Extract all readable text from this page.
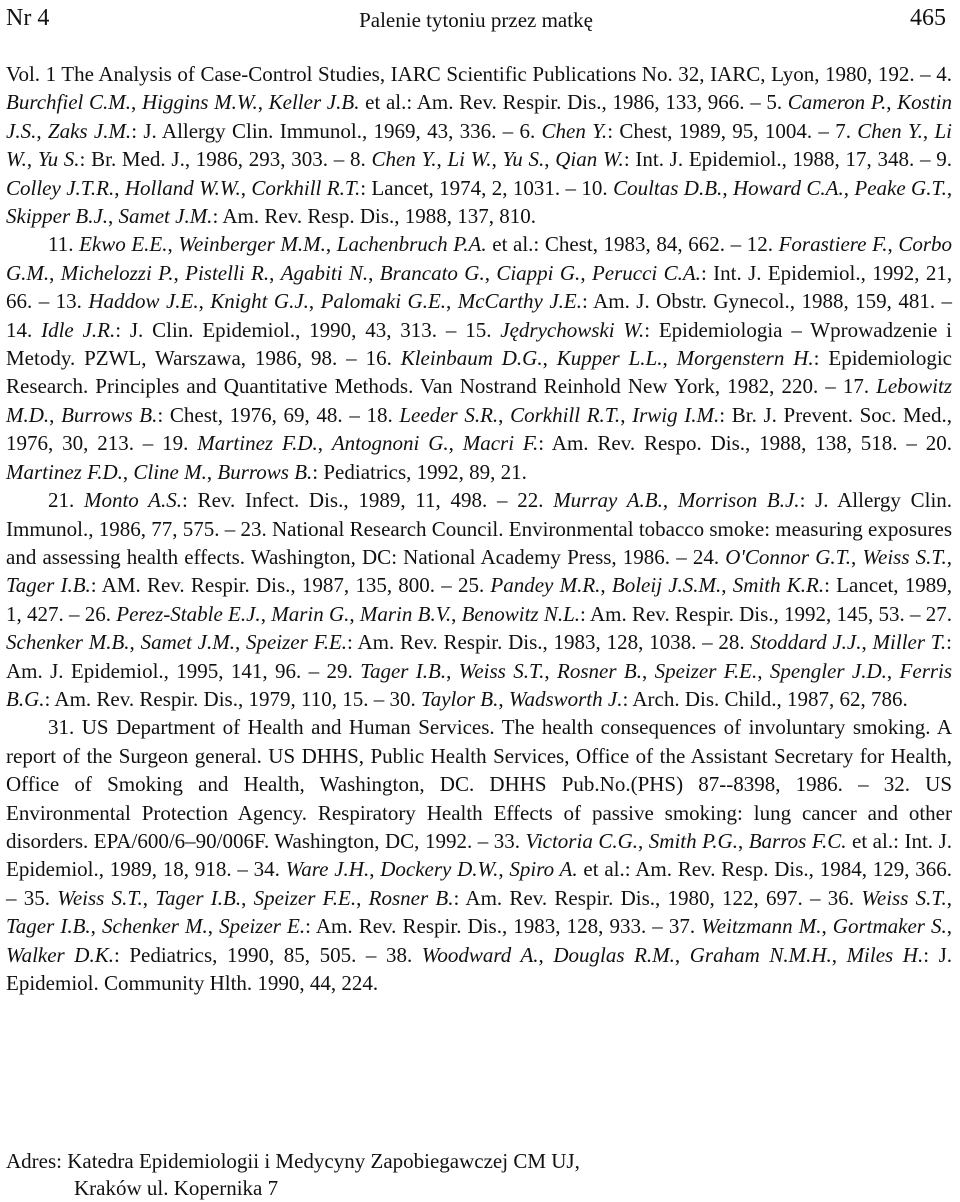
Nr 4	Palenie tytoniu przez matkę	465

Vol. 1 The Analysis of Case-Control Studies, IARC Scientific Publications No. 32, IARC, Lyon, 1980, 192. – 4. Burchfiel C.M., Higgins M.W., Keller J.B. et al.: Am. Rev. Respir. Dis., 1986, 133, 966. – 5. Cameron P., Kostin J.S., Zaks J.M.: J. Allergy Clin. Immunol., 1969, 43, 336. – 6. Chen Y.: Chest, 1989, 95, 1004. – 7. Chen Y., Li W., Yu S.: Br. Med. J., 1986, 293, 303. – 8. Chen Y., Li W., Yu S., Qian W.: Int. J. Epidemiol., 1988, 17, 348. – 9. Colley J.T.R., Holland W.W., Corkhill R.T.: Lancet, 1974, 2, 1031. – 10. Coultas D.B., Howard C.A., Peake G.T., Skipper B.J., Samet J.M.: Am. Rev. Resp. Dis., 1988, 137, 810.

11. Ekwo E.E., Weinberger M.M., Lachenbruch P.A. et al.: Chest, 1983, 84, 662. – 12. Forastiere F., Corbo G.M., Michelozzi P., Pistelli R., Agabiti N., Brancato G., Ciappi G., Perucci C.A.: Int. J. Epidemiol., 1992, 21, 66. – 13. Haddow J.E., Knight G.J., Palomaki G.E., McCarthy J.E.: Am. J. Obstr. Gynecol., 1988, 159, 481. – 14. Idle J.R.: J. Clin. Epidemiol., 1990, 43, 313. – 15. Jędrychowski W.: Epidemiologia – Wprowadzenie i Metody. PZWL, Warszawa, 1986, 98. – 16. Kleinbaum D.G., Kupper L.L., Morgenstern H.: Epidemiologic Research. Principles and Quantitative Methods. Van Nostrand Reinhold New York, 1982, 220. – 17. Lebowitz M.D., Burrows B.: Chest, 1976, 69, 48. – 18. Leeder S.R., Corkhill R.T., Irwig I.M.: Br. J. Prevent. Soc. Med., 1976, 30, 213. – 19. Martinez F.D., Antognoni G., Macri F.: Am. Rev. Respo. Dis., 1988, 138, 518. – 20. Martinez F.D., Cline M., Burrows B.: Pediatrics, 1992, 89, 21.

21. Monto A.S.: Rev. Infect. Dis., 1989, 11, 498. – 22. Murray A.B., Morrison B.J.: J. Allergy Clin. Immunol., 1986, 77, 575. – 23. National Research Council. Environmental tobacco smoke: measuring exposures and assessing health effects. Washington, DC: National Academy Press, 1986. – 24. O'Connor G.T., Weiss S.T., Tager I.B.: AM. Rev. Respir. Dis., 1987, 135, 800. – 25. Pandey M.R., Boleij J.S.M., Smith K.R.: Lancet, 1989, 1, 427. – 26. Perez-Stable E.J., Marin G., Marin B.V., Benowitz N.L.: Am. Rev. Respir. Dis., 1992, 145, 53. – 27. Schenker M.B., Samet J.M., Speizer F.E.: Am. Rev. Respir. Dis., 1983, 128, 1038. – 28. Stoddard J.J., Miller T.: Am. J. Epidemiol., 1995, 141, 96. – 29. Tager I.B., Weiss S.T., Rosner B., Speizer F.E., Spengler J.D., Ferris B.G.: Am. Rev. Respir. Dis., 1979, 110, 15. – 30. Taylor B., Wadsworth J.: Arch. Dis. Child., 1987, 62, 786.

31. US Department of Health and Human Services. The health consequences of involuntary smoking. A report of the Surgeon general. US DHHS, Public Health Services, Office of the Assistant Secretary for Health, Office of Smoking and Health, Washington, DC. DHHS Pub.No.(PHS) 87--8398, 1986. – 32. US Environmental Protection Agency. Respiratory Health Effects of passive smoking: lung cancer and other disorders. EPA/600/6–90/006F. Washington, DC, 1992. – 33. Victoria C.G., Smith P.G., Barros F.C. et al.: Int. J. Epidemiol., 1989, 18, 918. – 34. Ware J.H., Dockery D.W., Spiro A. et al.: Am. Rev. Resp. Dis., 1984, 129, 366. – 35. Weiss S.T., Tager I.B., Speizer F.E., Rosner B.: Am. Rev. Respir. Dis., 1980, 122, 697. – 36. Weiss S.T., Tager I.B., Schenker M., Speizer E.: Am. Rev. Respir. Dis., 1983, 128, 933. – 37. Weitzmann M., Gortmaker S., Walker D.K.: Pediatrics, 1990, 85, 505. – 38. Woodward A., Douglas R.M., Graham N.M.H., Miles H.: J. Epidemiol. Community Hlth. 1990, 44, 224.

Adres: Katedra Epidemiologii i Medycyny Zapobiegawczej CM UJ,
Kraków ul. Kopernika 7
